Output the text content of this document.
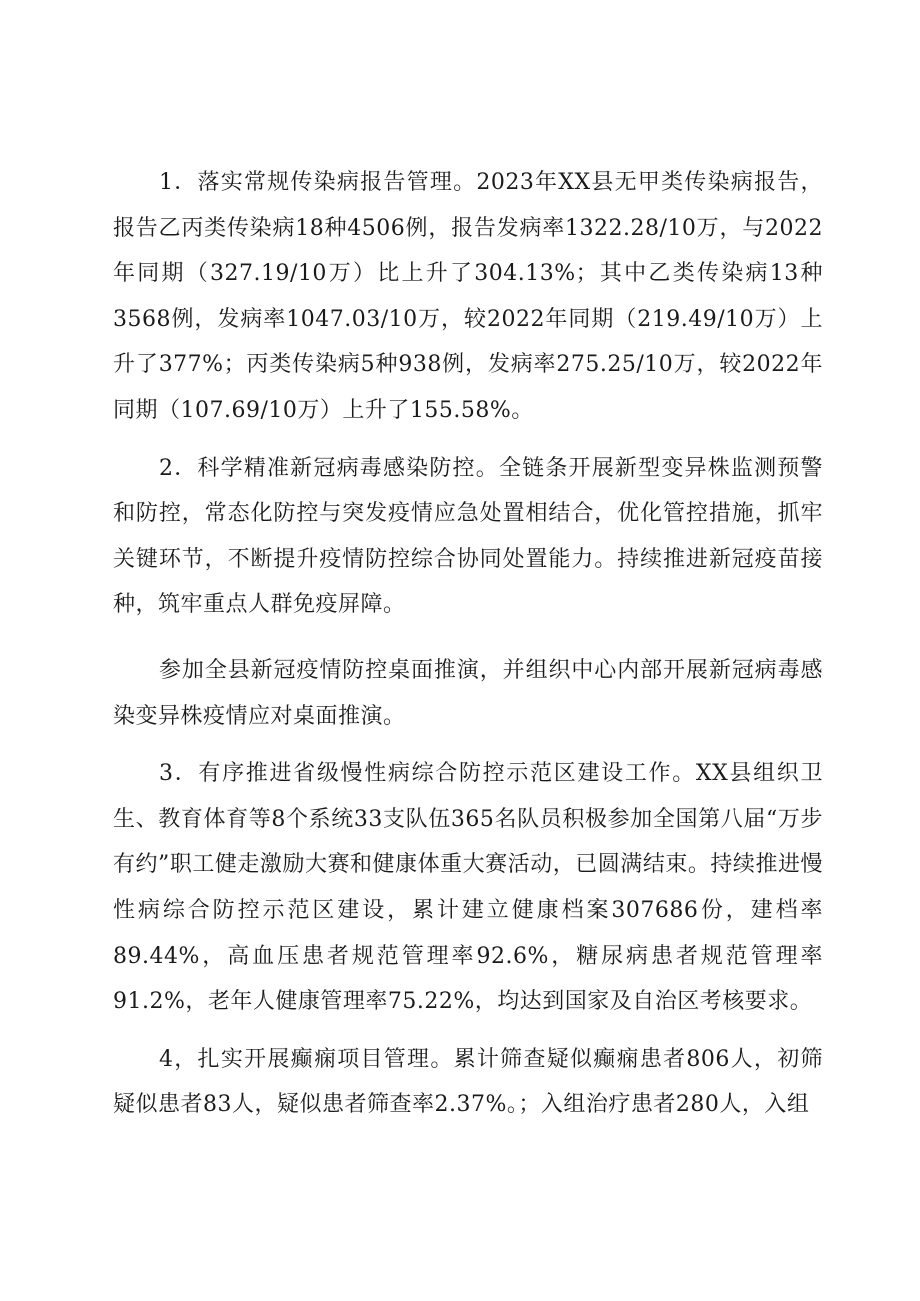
1．落实常规传染病报告管理。2023年XX县无甲类传染病报告，报告乙丙类传染病18种4506例，报告发病率1322.28/10万，与2022年同期（327.19/10万）比上升了304.13%；其中乙类传染病13种3568例，发病率1047.03/10万，较2022年同期（219.49/10万）上升了377%；丙类传染病5种938例，发病率275.25/10万，较2022年同期（107.69/10万）上升了155.58%。

2．科学精准新冠病毒感染防控。全链条开展新型变异株监测预警和防控，常态化防控与突发疫情应急处置相结合，优化管控措施，抓牢关键环节，不断提升疫情防控综合协同处置能力。持续推进新冠疫苗接种，筑牢重点人群免疫屏障。

参加全县新冠疫情防控桌面推演，并组织中心内部开展新冠病毒感染变异株疫情应对桌面推演。

3．有序推进省级慢性病综合防控示范区建设工作。XX县组织卫生、教育体育等8个系统33支队伍365名队员积极参加全国第八届“万步有约”职工健走激励大赛和健康体重大赛活动，已圆满结束。持续推进慢性病综合防控示范区建设，累计建立健康档案307686份，建档率89.44%，高血压患者规范管理率92.6%，糖尿病患者规范管理率91.2%，老年人健康管理率75.22%，均达到国家及自治区考核要求。

4，扎实开展癫痫项目管理。累计筛查疑似癫痫患者806人，初筛疑似患者83人，疑似患者筛查率2.37%。；入组治疗患者280人，入组
